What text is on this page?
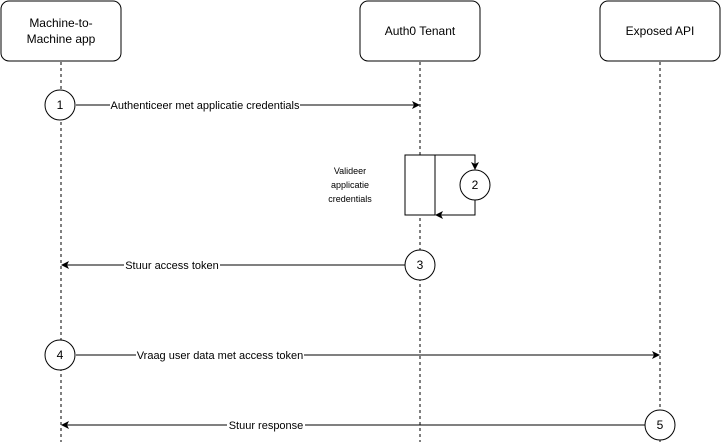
Machine-to-
Machine app
Auth0 Tenant	Exposed API
Authenticeer met applicatie credentials
1
2
Valideer
applicatie
credentials
Stuur access token	3
Vraag user data met access token
4
Stuur response	5
